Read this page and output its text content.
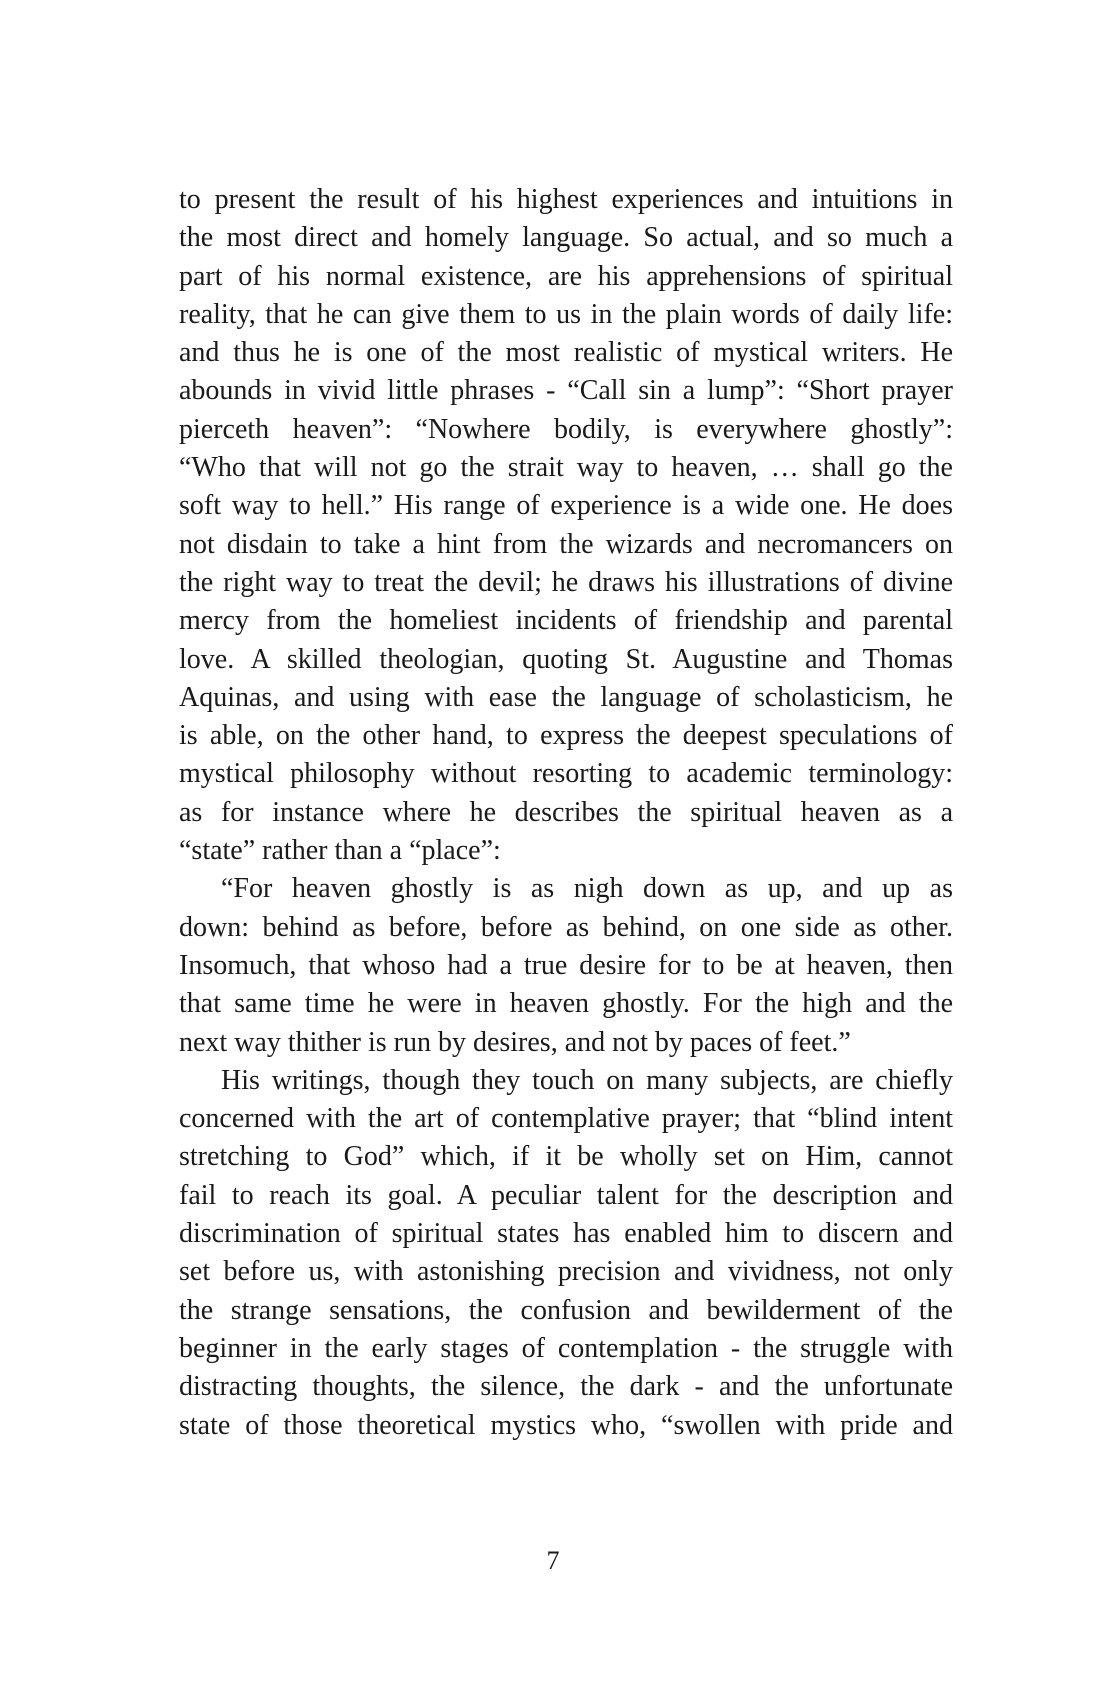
to present the result of his highest experiences and intuitions in
the most direct and homely language. So actual, and so much a
part of his normal existence, are his apprehensions of spiritual
reality, that he can give them to us in the plain words of daily life:
and thus he is one of the most realistic of mystical writers. He
abounds in vivid little phrases - “Call sin a lump”: “Short prayer
pierceth heaven”: “Nowhere bodily, is everywhere ghostly”:
“Who that will not go the strait way to heaven, … shall go the
soft way to hell.” His range of experience is a wide one. He does
not disdain to take a hint from the wizards and necromancers on
the right way to treat the devil; he draws his illustrations of divine
mercy from the homeliest incidents of friendship and parental
love. A skilled theologian, quoting St. Augustine and Thomas
Aquinas, and using with ease the language of scholasticism, he
is able, on the other hand, to express the deepest speculations of
mystical philosophy without resorting to academic terminology:
as for instance where he describes the spiritual heaven as a
“state” rather than a “place”:
“For heaven ghostly is as nigh down as up, and up as
down: behind as before, before as behind, on one side as other.
Insomuch, that whoso had a true desire for to be at heaven, then
that same time he were in heaven ghostly. For the high and the
next way thither is run by desires, and not by paces of feet.”
His writings, though they touch on many subjects, are chiefly
concerned with the art of contemplative prayer; that “blind intent
stretching to God” which, if it be wholly set on Him, cannot
fail to reach its goal. A peculiar talent for the description and
discrimination of spiritual states has enabled him to discern and
set before us, with astonishing precision and vividness, not only
the strange sensations, the confusion and bewilderment of the
beginner in the early stages of contemplation - the struggle with
distracting thoughts, the silence, the dark - and the unfortunate
state of those theoretical mystics who, “swollen with pride and
7
